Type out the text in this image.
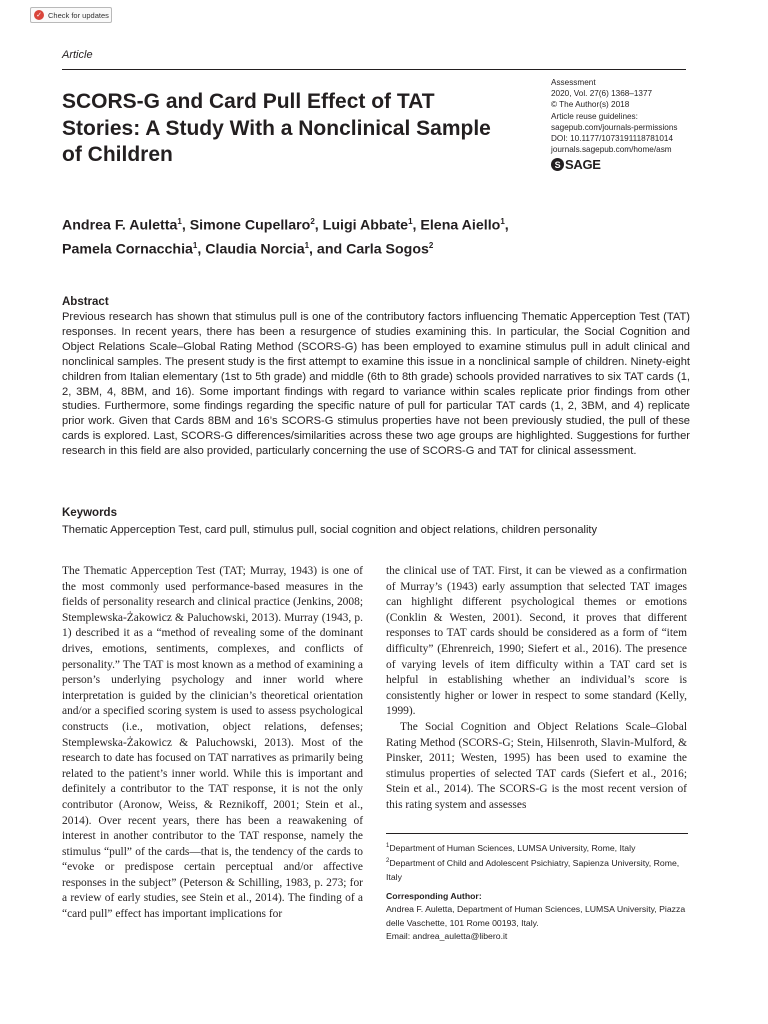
✓ Check for updates
Article
SCORS-G and Card Pull Effect of TAT Stories: A Study With a Nonclinical Sample of Children
Assessment
2020, Vol. 27(6) 1368–1377
© The Author(s) 2018
Article reuse guidelines:
sagepub.com/journals-permissions
DOI: 10.1177/1073191118781014
journals.sagepub.com/home/asm
S SAGE
Andrea F. Auletta$^1$, Simone Cupellaro$^2$, Luigi Abbate$^1$, Elena Aiello$^1$,
Pamela Cornacchia$^1$, Claudia Norcia$^1$, and Carla Sogos$^2$
Abstract

Previous research has shown that stimulus pull is one of the contributory factors influencing Thematic Apperception Test (TAT) responses. In recent years, there has been a resurgence of studies examining this. In particular, the Social Cognition and Object Relations Scale–Global Rating Method (SCORS-G) has been employed to examine stimulus pull in adult clinical and nonclinical samples. The present study is the first attempt to examine this issue in a nonclinical sample of children. Ninety-eight children from Italian elementary (1st to 5th grade) and middle (6th to 8th grade) schools provided narratives to six TAT cards (1, 2, 3BM, 4, 8BM, and 16). Some important findings with regard to variance within scales replicate prior findings from other studies. Furthermore, some findings regarding the specific nature of pull for particular TAT cards (1, 2, 3BM, and 4) replicate prior work. Given that Cards 8BM and 16’s SCORS-G stimulus properties have not been previously studied, the pull of these cards is explored. Last, SCORS-G differences/similarities across these two age groups are highlighted. Suggestions for further research in this field are also provided, particularly concerning the use of SCORS-G and TAT for clinical assessment.

Keywords
Thematic Apperception Test, card pull, stimulus pull, social cognition and object relations, children personality

The Thematic Apperception Test (TAT; Murray, 1943) is one of the most commonly used performance-based measures in the fields of personality research and clinical practice (Jenkins, 2008; Stemplewska-Żakowicz & Paluchowski, 2013). Murray (1943, p. 1) described it as a “method of revealing some of the dominant drives, emotions, sentiments, complexes, and conflicts of personality.” The TAT is most known as a method of examining a person’s underlying psychology and inner world where interpretation is guided by the clinician’s theoretical orientation and/or a specified scoring system is used to assess psychological constructs (i.e., motivation, object relations, defenses; Stemplewska-Żakowicz & Paluchowski, 2013). Most of the research to date has focused on TAT narratives as primarily being related to the patient’s inner world. While this is important and definitely a contributor to the TAT response, it is not the only contributor (Aronow, Weiss, & Reznikoff, 2001; Stein et al., 2014). Over recent years, there has been a reawakening of interest in another contributor to the TAT response, namely the stimulus “pull” of the cards—that is, the tendency of the cards to “evoke or predispose certain perceptual and/or affective responses in the subject” (Peterson & Schilling, 1983, p. 273; for a review of early studies, see Stein et al., 2014). The finding of a “card pull” effect has important implications for

the clinical use of TAT. First, it can be viewed as a confirmation of Murray’s (1943) early assumption that selected TAT images can highlight different psychological themes or emotions (Conklin & Westen, 2001). Second, it proves that different responses to TAT cards should be considered as a form of “item difficulty” (Ehrenreich, 1990; Siefert et al., 2016). The presence of varying levels of item difficulty within a TAT card set is helpful in establishing whether an individual’s score is consistently higher or lower in respect to some standard (Kelly, 1999).

The Social Cognition and Object Relations Scale–Global Rating Method (SCORS-G; Stein, Hilsenroth, Slavin-Mulford, & Pinsker, 2011; Westen, 1995) has been used to examine the stimulus properties of selected TAT cards (Siefert et al., 2016; Stein et al., 2014). The SCORS-G is the most recent version of this rating system and assesses

$^1$Department of Human Sciences, LUMSA University, Rome, Italy
$^2$Department of Child and Adolescent Psichiatry, Sapienza University, Rome, Italy
Corresponding Author:
Andrea F. Auletta, Department of Human Sciences, LUMSA University, Piazza delle Vaschette, 101 Rome 00193, Italy.
Email: andrea_auletta@libero.it
